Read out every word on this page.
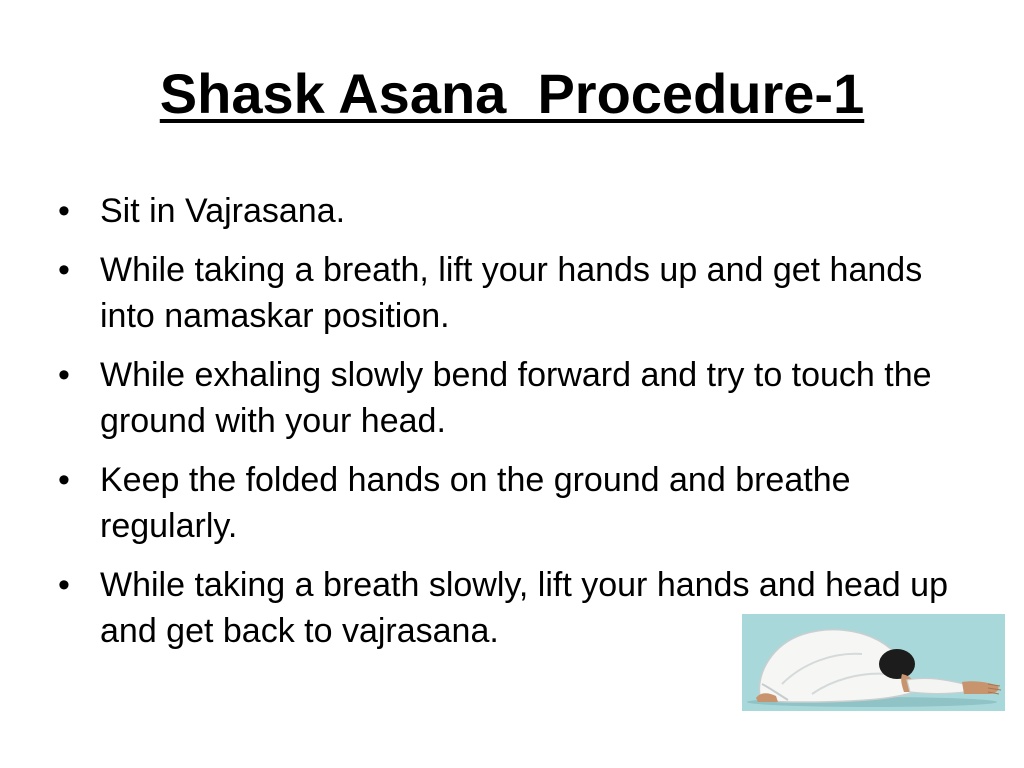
Shask Asana  Procedure-1
• Sit in Vajrasana.
• While taking a breath, lift your hands up and get hands into namaskar position.
• While exhaling slowly bend forward and try to touch the ground with your head.
• Keep the folded hands on the ground and breathe regularly.
• While taking a breath slowly, lift your hands and head up and get back to vajrasana.
